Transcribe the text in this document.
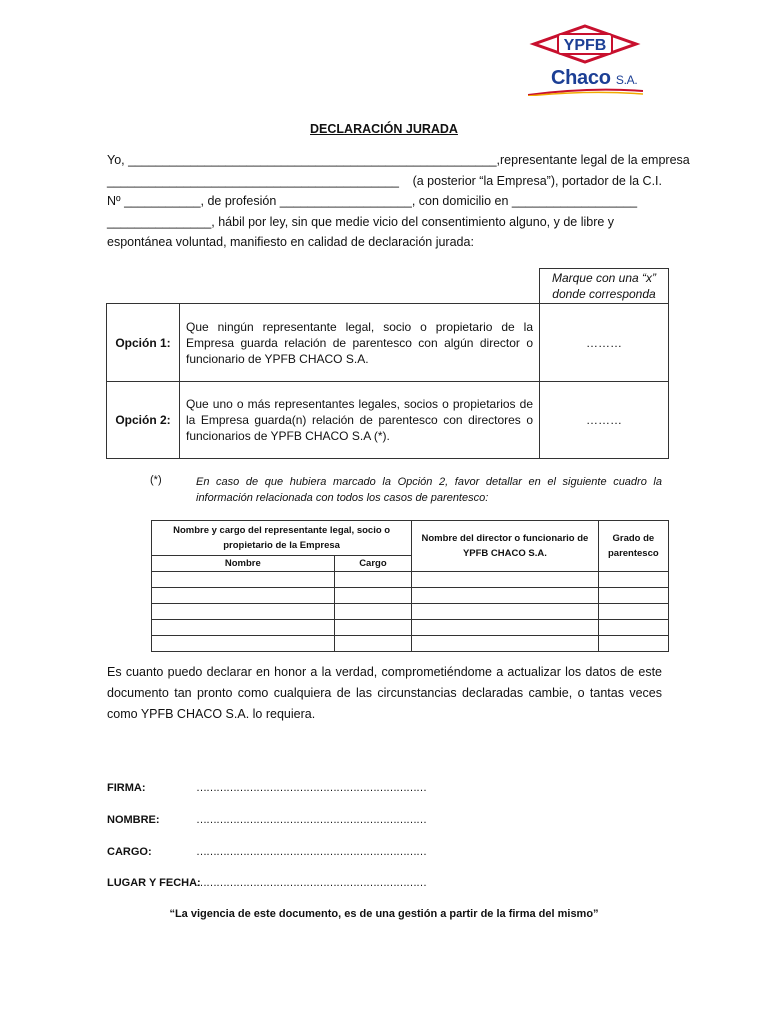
YPFB
Chaco S.A.
DECLARACIÓN JURADA
Yo, _____________________________________________________, representante legal de la empresa
__________________________________________ (a posterior “la Empresa”), portador de la C.I.
Nº ___________, de profesión ___________________, con domicilio en __________________
_______________, hábil por ley, sin que medie vicio del consentimiento alguno, y de libre y
espontánea voluntad, manifiesto en calidad de declaración jurada:
		Marque con una “x” donde corresponda
Opción 1:	Que ningún representante legal, socio o propietario de la Empresa guarda relación de parentesco con algún director o funcionario de YPFB CHACO S.A.	………
Opción 2:	Que uno o más representantes legales, socios o propietarios de la Empresa guarda(n) relación de parentesco con directores o funcionarios de YPFB CHACO S.A (*).	………
(*)	En caso de que hubiera marcado la Opción 2, favor detallar en el siguiente cuadro la información relacionada con todos los casos de parentesco:
Nombre y cargo del representante legal, socio o propietario de la Empresa		Nombre del director o funcionario de YPFB CHACO S.A.	Grado de parentesco
Nombre	Cargo		

Es cuanto puedo declarar en honor a la verdad, comprometiéndome a actualizar los datos de este documento tan pronto como cualquiera de las circunstancias declaradas cambie, o tantas veces como YPFB CHACO S.A. lo requiera.
FIRMA:	……………………………………………………………
NOMBRE:	……………………………………………………………
CARGO:	……………………………………………………………
LUGAR Y FECHA:
……………………………………………………………
“La vigencia de este documento, es de una gestión a partir de la firma del mismo”
